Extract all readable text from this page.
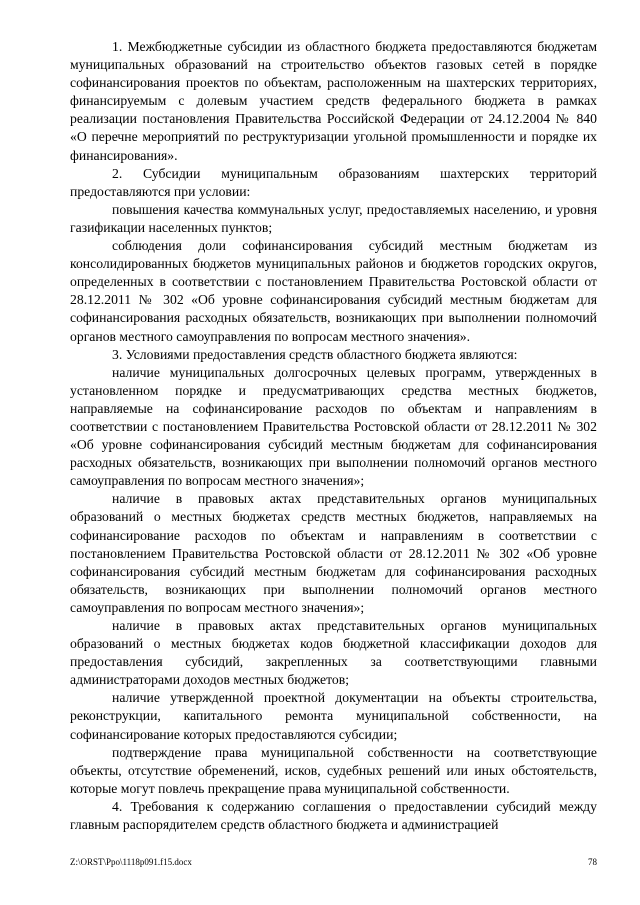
1. Межбюджетные субсидии из областного бюджета предоставляются бюджетам муниципальных образований на строительство объектов газовых сетей в порядке софинансирования проектов по объектам, расположенным на шахтерских территориях, финансируемым с долевым участием средств федерального бюджета в рамках реализации постановления Правительства Российской Федерации от 24.12.2004 № 840 «О перечне мероприятий по реструктуризации угольной промышленности и порядке их финансирования».

2. Субсидии муниципальным образованиям шахтерских территорий предоставляются при условии:

повышения качества коммунальных услуг, предоставляемых населению, и уровня газификации населенных пунктов;

соблюдения доли софинансирования субсидий местным бюджетам из консолидированных бюджетов муниципальных районов и бюджетов городских округов, определенных в соответствии с постановлением Правительства Ростовской области от 28.12.2011 № 302 «Об уровне софинансирования субсидий местным бюджетам для софинансирования расходных обязательств, возникающих при выполнении полномочий органов местного самоуправления по вопросам местного значения».

3. Условиями предоставления средств областного бюджета являются:

наличие муниципальных долгосрочных целевых программ, утвержденных в установленном порядке и предусматривающих средства местных бюджетов, направляемые на софинансирование расходов по объектам и направлениям в соответствии с постановлением Правительства Ростовской области от 28.12.2011 № 302 «Об уровне софинансирования субсидий местным бюджетам для софинансирования расходных обязательств, возникающих при выполнении полномочий органов местного самоуправления по вопросам местного значения»;

наличие в правовых актах представительных органов муниципальных образований о местных бюджетах средств местных бюджетов, направляемых на софинансирование расходов по объектам и направлениям в соответствии с постановлением Правительства Ростовской области от 28.12.2011 № 302 «Об уровне софинансирования субсидий местным бюджетам для софинансирования расходных обязательств, возникающих при выполнении полномочий органов местного самоуправления по вопросам местного значения»;

наличие в правовых актах представительных органов муниципальных образований о местных бюджетах кодов бюджетной классификации доходов для предоставления субсидий, закрепленных за соответствующими главными администраторами доходов местных бюджетов;

наличие утвержденной проектной документации на объекты строительства, реконструкции, капитального ремонта муниципальной собственности, на софинансирование которых предоставляются субсидии;

подтверждение права муниципальной собственности на соответствующие объекты, отсутствие обременений, исков, судебных решений или иных обстоятельств, которые могут повлечь прекращение права муниципальной собственности.

4. Требования к содержанию соглашения о предоставлении субсидий между главным распорядителем средств областного бюджета и администрацией

Z:\ORST\Ppo\1118p091.f15.docx	78
